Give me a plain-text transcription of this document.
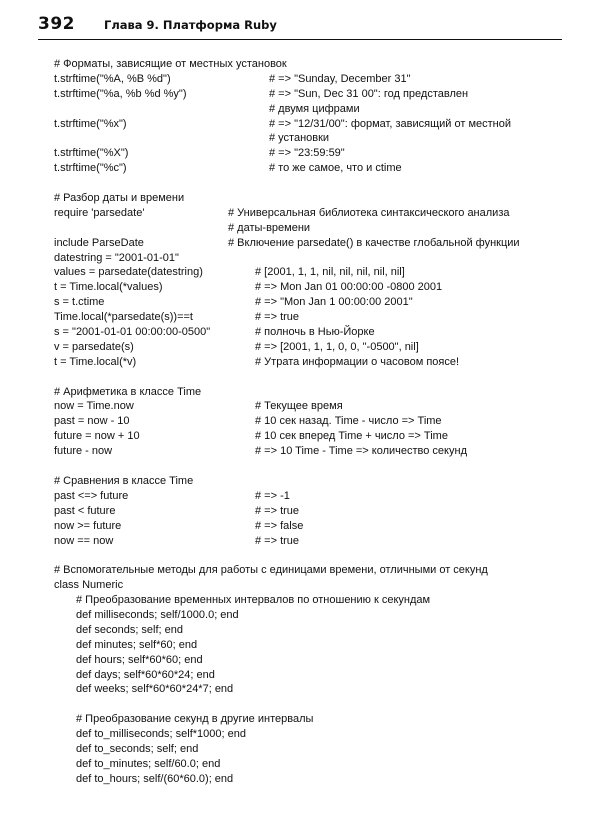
392	Глава 9. Платформа Ruby
# Форматы, зависящие от местных установок
t.strftime("%A, %B %d")	# => "Sunday, December 31"
t.strftime("%a, %b %d %y")	# => "Sun, Dec 31 00": год представлен
# двумя цифрами
t.strftime("%x")	# => "12/31/00": формат, зависящий от местной
# установки
t.strftime("%X")	# => "23:59:59"
t.strftime("%c")	# то же самое, что и ctime
# Разбор даты и времени
require 'parsedate'	# Универсальная библиотека синтаксического анализа
# даты-времени
include ParseDate	# Включение parsedate() в качестве глобальной функции
datestring = "2001-01-01"
values = parsedate(datestring)	# [2001, 1, 1, nil, nil, nil, nil, nil]
t = Time.local(*values)	# => Mon Jan 01 00:00:00 -0800 2001
s = t.ctime	# => "Mon Jan 1 00:00:00 2001"
Time.local(*parsedate(s))==t	# => true
s = "2001-01-01 00:00:00-0500"	# полночь в Нью-Йорке
v = parsedate(s)	# => [2001, 1, 1, 0, 0, "-0500", nil]
t = Time.local(*v)	# Утрата информации о часовом поясе!
# Арифметика в классе Time
now = Time.now	# Текущее время
past = now - 10	# 10 сек назад. Time - число => Time
future = now + 10	# 10 сек вперед Time + число => Time
future - now	# => 10 Time - Time => количество секунд
# Сравнения в классе Time
past <=> future	# => -1
past < future	# => true
now >= future	# => false
now == now	# => true
# Вспомогательные методы для работы с единицами времени, отличными от секунд
class Numeric
# Преобразование временных интервалов по отношению к секундам
def milliseconds; self/1000.0; end
def seconds; self; end
def minutes; self*60; end
def hours; self*60*60; end
def days; self*60*60*24; end
def weeks; self*60*60*24*7; end
# Преобразование секунд в другие интервалы
def to_milliseconds; self*1000; end
def to_seconds; self; end
def to_minutes; self/60.0; end
def to_hours; self/(60*60.0); end
